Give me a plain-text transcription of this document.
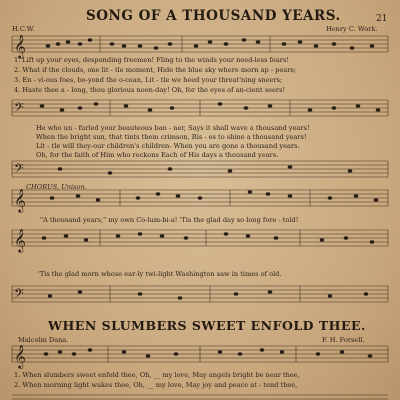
SONG OF A THOUSAND YEARS.	21
H.C.W.	Henry C. Work.
𝄞
1. Lift up your eyes, desponding freemen! Fling to the winds your need-less fears!
2. What if the clouds, one lit - tle moment, Hide the blue sky where morn ap - pears;
3. En - vi-ous foes, be-yond the o-cean, Lit - tle we heed your threat'ning sneers;
4. Haste thee a - long, thou glorious noon-day! Oh, for the eyes of an-cient seers!
𝄢
He who un - furled your beauteous ban - ner, Says it shall wave a thousand years!
When the bright sun, that tints them crimson, Ris - es to shine a thousand years!
Lit - tle will they-our children's children- When you are gone a thousand years.
Oh, for the faith of Him who reckons Each of His days a thousand years.
𝄢
CHORUS, Unison.
𝄞
"A thousand years," my own Co-lum-bi-a! 'Tis the glad day so long fore - told!
𝄞
'Tis the glad morn whose ear-ly twi-light Washington saw in times of old.
𝄢
WHEN SLUMBERS SWEET ENFOLD THEE.
Malcolm Dana.	F. H. Forsell.
𝄞
1. When slumbers sweet enfold thee, Oh, __ my love, May angels bright be near thee,
2. When morning light wakes thee, Oh, __ my love, May joy and peace at - tend thee,
